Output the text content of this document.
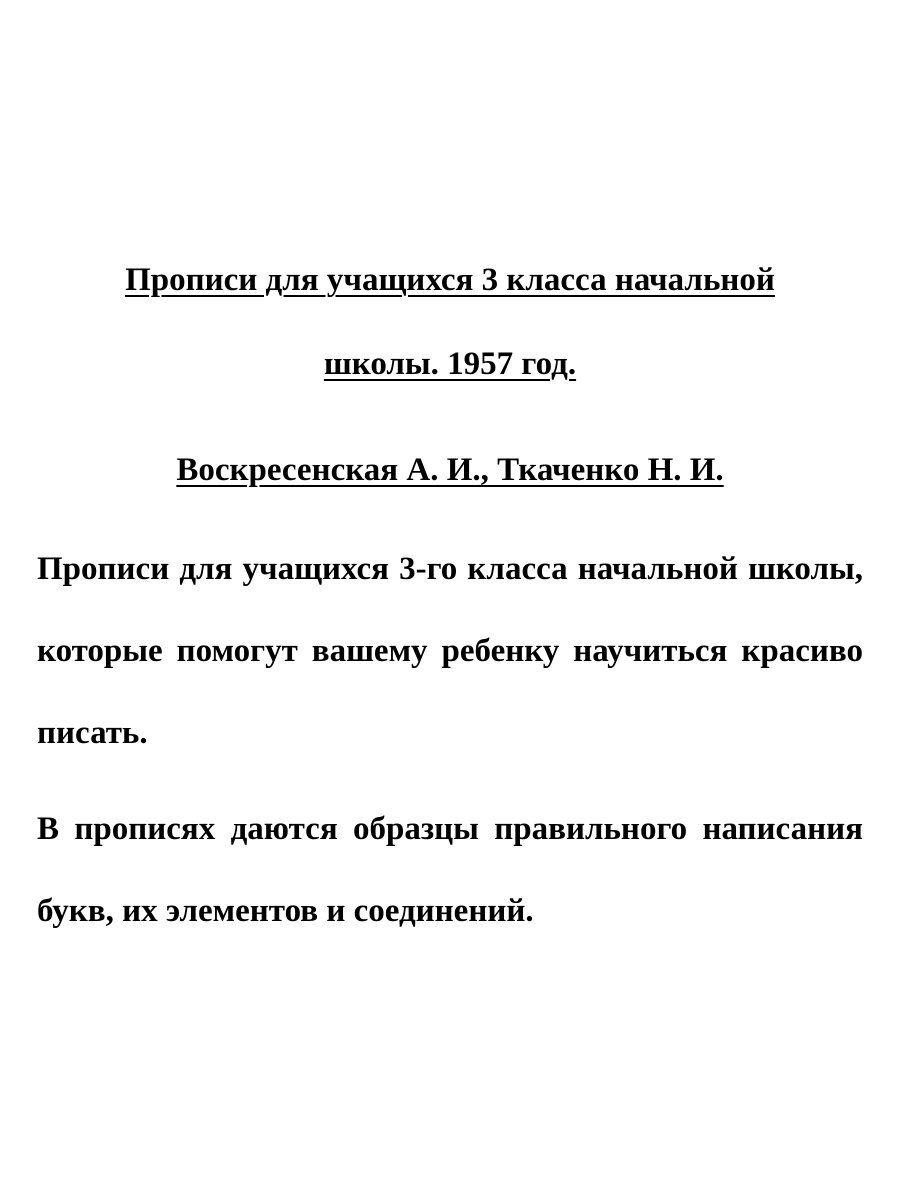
Прописи для учащихся 3 класса начальной
школы. 1957 год.
Воскресенская А. И., Ткаченко Н. И.

Прописи для учащихся 3-го класса начальной школы, которые помогут вашему ребенку научиться красиво писать.

В прописях даются образцы правильного написания букв, их элементов и соединений.
